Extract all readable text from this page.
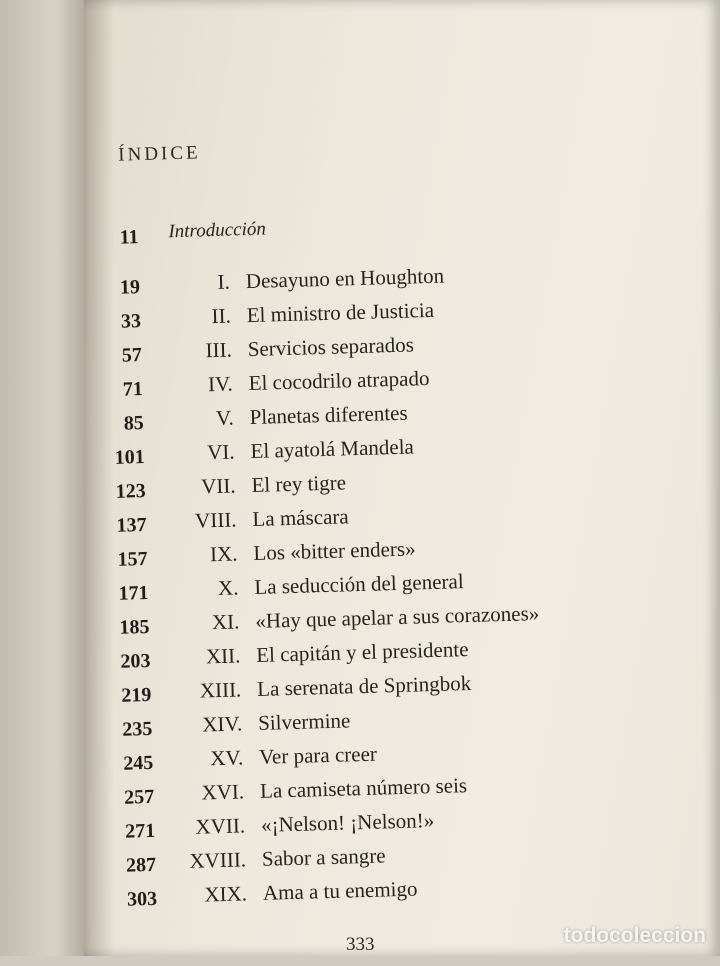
ÍNDICE
11 Introducción
19	I. Desayuno en Houghton
33	II. El ministro de Justicia
57	III. Servicios separados
71	IV. El cocodrilo atrapado
85	V. Planetas diferentes
101	VI. El ayatolá Mandela
123	VII. El rey tigre
137	VIII. La máscara
157	IX. Los «bitter enders»
171	X. La seducción del general
185	XI. «Hay que apelar a sus corazones»
203	XII. El capitán y el presidente
219	XIII. La serenata de Springbok
235	XIV. Silvermine
245	XV. Ver para creer
257	XVI. La camiseta número seis
271	XVII. «¡Nelson! ¡Nelson!»
287	XVIII. Sabor a sangre
303	XIX. Ama a tu enemigo
333	todocoleccion
